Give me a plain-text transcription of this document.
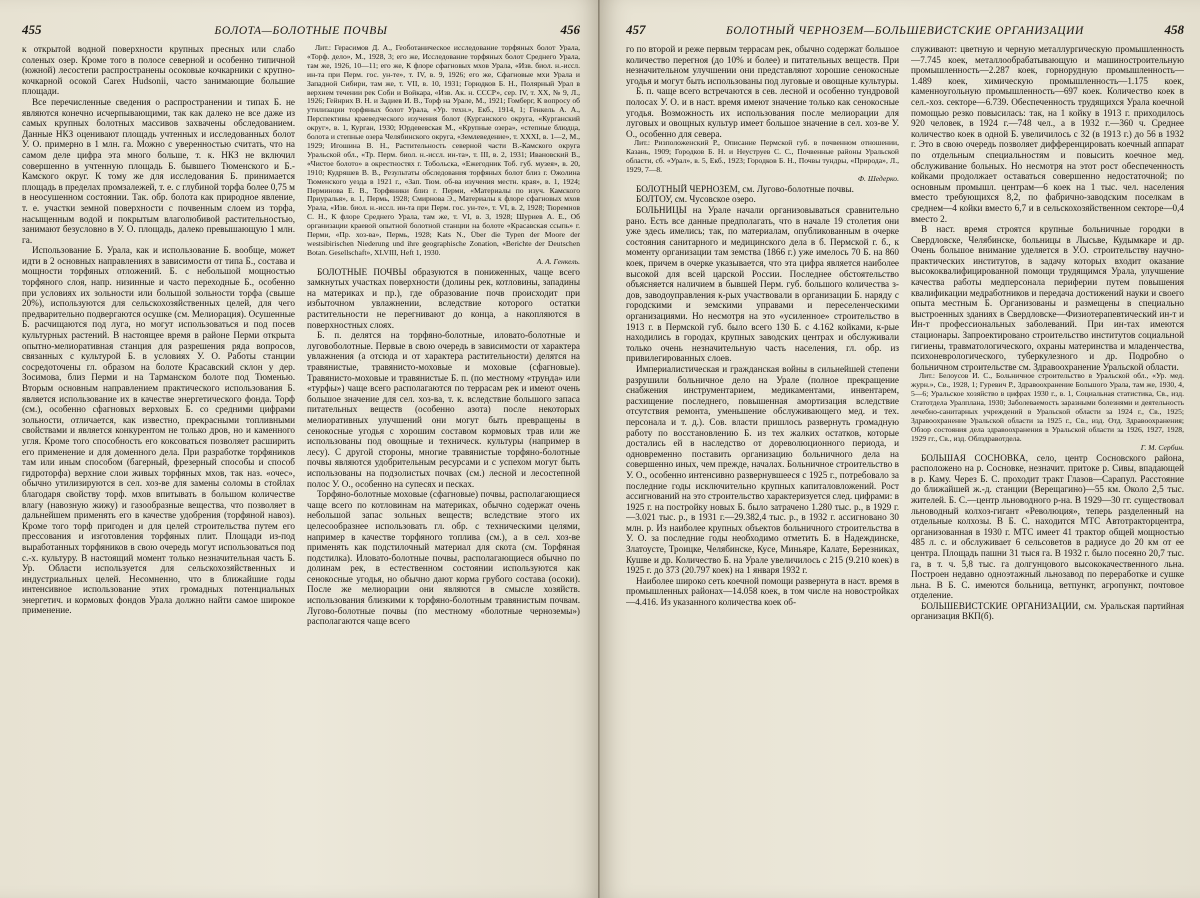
455	БОЛОТА—БОЛОТНЫЕ ПОЧВЫ	456

к открытой водной поверхности крупных пресных или слабо соленых озер. Кроме того в полосе северной и особенно типичной (южной) лесостепи распространены осоковые кочкарники с крупно-кочкарной осокой Carex Hudsonii, часто занимающие большие площади.

Все перечисленные сведения о распространении и типах Б. не являются конечно исчерпывающими, так как далеко не все даже из самых крупных болотных массивов захвачены обследованием. Данные НКЗ оценивают площадь учтенных и исследованных болот У. О. примерно в 1 млн. га. Можно с уверенностью считать, что на самом деле цифра эта много больше, т. к. НКЗ не включил совершенно в учтенную площадь Б. бывшего Тюменского и Б.-Камского округ. К тому же для исследования Б. принимается площадь в пределах промзалежей, т. е. с глубиной торфа более 0,75 м в неосушенном состоянии. Так. обр. болота как природное явление, т. е. участки земной поверхности с почвенным слоем из торфа, насыщенным водой и покрытым влаголюбивой растительностью, занимают безусловно в У. О. площадь, далеко превышающую 1 млн. га.

Использование Б. Урала, как и использование Б. вообще, может идти в 2 основных направлениях в зависимости от типа Б., состава и мощности торфяных отложений. Б. с небольшой мощностью торфяного слоя, напр. низинные и часто переходные Б., особенно при условиях их зольности или большой зольности торфа (свыше 20%), используются для сельскохозяйственных целей, для чего предварительно подвергаются осушке (см. Мелиорация). Осушенные Б. расчищаются под луга, но могут использоваться и под посев культурных растений. В настоящее время в районе Перми открыта опытно-мелиоративная станция для разрешения ряда вопросов, связанных с культурой Б. в условиях У. О. Работы станции сосредоточены гл. образом на болоте Красавский склон у дер. Зосимова, близ Перми и на Тарманском болоте под Тюменью. Вторым основным направлением практического использования Б. является использование их в качестве энергетического фонда. Торф (см.), особенно сфагновых верховых Б. со средними цифрами зольности, отличается, как известно, прекрасными топливными свойствами и является конкурентом не только дров, но и каменного угля. Кроме того способность его коксоваться позволяет расширить его применение и для доменного дела. При разработке торфяников там или иным способом (багерный, фрезерный способы и способ гидроторфа) верхние слои живых торфяных мхов, так наз. «очес», обычно утилизируются в сел. хоз-ве для замены соломы в стойлах благодаря свойству торф. мхов впитывать в большом количестве влагу (навозную жижу) и газообразные вещества, что позволяет в дальнейшем применять его в качестве удобрения (торфяной навоз). Кроме того торф пригоден и для целей строительства путем его прессования и изготовления торфяных плит. Площади из-под выработанных торфяников в свою очередь могут использоваться под с.-х. культуру. В настоящий момент только незначительная часть Б. Ур. Области используется для сельскохозяйственных и индустриальных целей. Несомненно, что в ближайшие годы интенсивное использование этих громадных потенциальных энергетич. и кормовых фондов Урала должно найти самое широкое применение.

Лит.: Герасимов Д. А., Геоботаническое исследование торфяных болот Урала, «Торф. дело», М., 1928, 3; его же, Исследование торфяных болот Среднего Урала, там же, 1926, 10—11; его же, К флоре сфагновых мхов Урала, «Изв. биол. н.-иссл. ин-та при Перм. гос. ун-те», т. IV, в. 9, 1926; его же, Сфагновые мхи Урала и Западной Сибири, там же, т. VII, в. 10, 1931; Горюдков Б. Н., Полярный Урал в верхнем течении рек Соби и Войкара, «Изв. Ак. н. СССР», сер. IV, т. XX, № 9, Л., 1926; Гейнрих В. Н. и Задиев И. В., Торф на Урале, М., 1921; Гомберг, К вопросу об утилизации торфяных болот Урала, «Ур. техн.», Екб., 1914, 1; Генкель А. А., Перспективы краеведческого изучения болот (Курганского округа, «Курганский округ», в. 1, Курган, 1930; Юрдевевская М., «Крупные озера», «степные блюдца, болота и степные озера Челябинского округа, «Землеведение», т. XXXI, в. 1—2, М., 1929; Игошина В. Н., Растительность северной части В.-Камского округа Уральской обл., «Тр. Перм. биол. н.-иссл. ин-та», т. III, в. 2, 1931; Ивановский В., «Чистое болото» в окрестностях г. Тобольска, «Ежегодник Тоб. губ. музея», в. 20, 1910; Кудряшев В. В., Результаты обследования торфяных болот близ г. Ожолина Тюменского уезда в 1921 г., «Зап. Тюм. об-ва изучения местн. края», в. 1, 1924; Перминова Е. В., Торфяники близ г. Перми, «Материалы по изуч. Камского Приуралья», в. 1, Пермь, 1928; Смирнова Э., Материалы к флоре сфагновых мхов Урала, «Изв. биол. н.-иссл. ин-та при Перм. гос. ун-те», т. VI, в. 2, 1928; Тюремнов С. Н., К флоре Среднего Урала, там же, т. VI, в. 3, 1928; Шуриев А. Е., Об организации краевой опытной болотной станции на болоте «Красавская ссыпь» г. Перми, «Пр. хоз-ва», Пермь, 1928; Kats N., Über die Typen der Moore der westsibirischen Niederung und ihre geographische Zonation, «Berichte der Deutschen Botan. Gesellschaft», XLVIII, Heft 1, 1930.

А. А. Генкель.

БОЛОТНЫЕ ПОЧВЫ образуются в пониженных, чаще всего замкнутых участках поверхности (долины рек, котловины, западины на материках и пр.), где образование почв происходит при избыточном увлажнении, вследствие которого остатки растительности не перегнивают до конца, а накопляются в поверхностных слоях.

Б. п. делятся на торфяно-болотные, иловато-болотные и луговоболотные. Первые в свою очередь в зависимости от характера увлажнения (а отсюда и от характера растительности) делятся на травянистые, травянисто-моховые и моховые (сфагновые). Травянисто-моховые и травянистые Б. п. (по местному «трунда» или «турфы») чаще всего располагаются по террасам рек и имеют очень большое значение для сел. хоз-ва, т. к. вследствие большого запаса питательных веществ (особенно азота) после некоторых мелиоративных улучшений они могут быть превращены в сенокосные угодья с хорошим составом кормовых трав или же использованы под овощные и техническ. культуры (например в лесу). С другой стороны, многие травянистые торфяно-болотные почвы являются удобрительным ресурсами и с успехом могут быть использованы на подзолистых почвах (см.) лесной и лесостепной полос У. О., особенно на супесях и песках.

Торфяно-болотные моховые (сфагновые) почвы, располагающиеся чаще всего по котловинам на материках, обычно содержат очень небольшой запас зольных веществ; вследствие этого их целесообразнее использовать гл. обр. с техническими целями, например в качестве торфяного топлива (см.), а в сел. хоз-ве применять как подстилочный материал для скота (см. Торфяная подстилка). Иловато-болотные почвы, располагающиеся обычно по долинам рек, в естественном состоянии используются как сенокосные угодья, но обычно дают корма грубого состава (осоки). После же мелиорации они являются в смысле хозяйств. использования близкими к торфяно-болотным травянистым почвам. Лугово-болотные почвы (по местному «болотные черноземы») располагаются чаще всего

457	БОЛОТНЫЙ ЧЕРНОЗЕМ—БОЛЬШЕВИСТСКИЕ ОРГАНИЗАЦИИ	458

го по второй и реже первым террасам рек, обычно содержат большое количество перегноя (до 10% и более) и питательных веществ. При незначительном улучшении они представляют хорошие сенокосные угодья и могут быть использованы под луговые и овощные культуры.

Б. п. чаще всего встречаются в сев. лесной и особенно тундровой полосах У. О. и в наст. время имеют значение только как сенокосные угодья. Возможность их использования после мелиорации для луговых и овощных культур имеет большое значение в сел. хоз-ве У. О., особенно для севера.

Лит.: Ризположенский Р., Описание Пермской губ. в почвенном отношении, Казань, 1909; Городков Б. Н. и Неуструев С. С., Почвенные районы Уральской области, сб. «Урал», в. 5, Екб., 1923; Городков Б. Н., Почвы тундры, «Природа», Л., 1929, 7—8.

Ф. Шедерко.

БОЛОТНЫЙ ЧЕРНОЗЕМ, см. Лугово-болотные почвы.

БОЛТОУ, см. Чусовское озеро.

БОЛЬНИЦЫ на Урале начали организовываться сравнительно рано. Есть все данные предполагать, что в начале 19 столетия они уже здесь имелись; так, по материалам, опубликованным в очерке состояния санитарного и медицинского дела в б. Пермской г. б., к моменту организации там земства (1866 г.) уже имелось 70 Б. на 860 коек, причем в очерке указывается, что эта цифра является наиболее высокой для всей царской России. Последнее обстоятельство объясняется наличием в бывшей Перм. губ. большого количества з-дов, заводоуправления к-рых участвовали в организации Б. наряду с городскими и земскими управами и переселенческими организациями. Но несмотря на это «усиленное» строительство в 1913 г. в Пермской губ. было всего 130 Б. с 4.162 койками, к-рые находились в городах, крупных заводских центрах и обслуживали только очень незначительную часть населения, гл. обр. из привилегированных слоев.

Империалистическая и гражданская войны в сильнейшей степени разрушили больничное дело на Урале (полное прекращение снабжения инструментарием, медикаментами, инвентарем, расхищение последнего, повышенная амортизация вследствие отсутствия ремонта, уменьшение обслуживающего мед. и тех. персонала и т. д.). Сов. власти пришлось развернуть громадную работу по восстановлению Б. из тех жалких остатков, которые достались ей в наследство от дореволюционного периода, и одновременно поставить организацию больничного дела на совершенно иных, чем прежде, началах. Больничное строительство в У. О., особенно интенсивно развернувшееся с 1925 г., потребовало за последние годы исключительно крупных капиталовложений. Рост ассигнований на это строительство характеризуется след. цифрами: в 1925 г. на постройку новых Б. было затрачено 1.280 тыс. р., в 1929 г.—3.021 тыс. р., в 1931 г.—29.382,4 тыс. р., в 1932 г. ассигновано 30 млн. р. Из наиболее крупных объектов больничного строительства в У. О. за последние годы необходимо отметить Б. в Надеждинске, Златоусте, Троицке, Челябинске, Кусе, Миньяре, Калате, Березниках, Кушве и др. Количество Б. на Урале увеличилось с 215 (9.210 коек) в 1925 г. до 373 (20.797 коек) на 1 января 1932 г.

Наиболее широко сеть коечной помощи развернута в наст. время в промышленных районах—14.058 коек, в том числе на новостройках—4.416. Из указанного количества коек об-

служивают: цветную и черную металлургическую промышленность—7.745 коек, металлообрабатывающую и машиностроительную промышленность—2.287 коек, горнорудную промышленность—1.489 коек, химическую промышленность—1.175 коек, каменноугольную промышленность—697 коек. Количество коек в сел.-хоз. секторе—6.739. Обеспеченность трудящихся Урала коечной помощью резко повысилась: так, на 1 койку в 1913 г. приходилось 920 человек, в 1924 г.—748 чел., а в 1932 г.—360 ч. Среднее количество коек в одной Б. увеличилось с 32 (в 1913 г.) до 56 в 1932 г. Это в свою очередь позволяет дифференцировать коечный аппарат по отдельным специальностям и повысить коечное мед. обслуживание больных. Но несмотря на этот рост обеспеченность койками продолжает оставаться совершенно недостаточной; по основным промышл. центрам—6 коек на 1 тыс. чел. населения вместо требующихся 8,2, по фабрично-заводским поселкам в среднем—4 койки вместо 6,7 и в сельскохозяйственном секторе—0,4 вместо 2.

В наст. время строятся крупные больничные городки в Свердловске, Челябинске, больницы в Лысьве, Кудымкаре и др. Очень большое внимание уделяется в У.О. строительству научно-практических институтов, в задачу которых входит оказание высококвалифицированной помощи трудящимся Урала, улучшение качества работы медперсонала периферии путем повышения квалификации медработников и передача достижений науки и своего опыта местным Б. Организованы и размещены в специально выстроенных зданиях в Свердловске—Физиотерапевтический ин-т и Ин-т профессиональных заболеваний. При ин-тах имеются стационары. Запроектировано строительство институтов социальной гигиены, травматологического, охраны материнства и младенчества, психоневрологического, туберкулезного и др. Подробно о больничном строительстве см. Здравоохранение Уральской области.

Лит.: Белоусов И. С., Больничное строительство в Уральской обл., «Ур. мед. журн.», Св., 1928, 1; Гуревич Р., Здравоохранение Большого Урала, там же, 1930, 4, 5—6; Уральское хозяйство в цифрах 1930 г., в. 1, Социальная статистика, Св., изд. Статотдела Уралплана, 1930; Заболеваемость заразными болезнями и деятельность лечебно-санитарных учреждений в Уральской области за 1924 г., Св., 1925; Здравоохранение Уральской области за 1925 г., Св., изд. Отд. Здравоохранения; Обзор состояния дела здравоохранения в Уральской области за 1926, 1927, 1928, 1929 гг., Св., изд. Облздравотдела.

Г. М. Сербин.

БОЛЬШАЯ СОСНОВКА, село, центр Сосновского района, расположено на р. Сосновке, незначит. притоке р. Сивы, впадающей в р. Каму. Через Б. С. проходит тракт Глазов—Сарапул. Расстояние до ближайшей ж.-д. станции (Верещагино)—55 км. Около 2,5 тыс. жителей. Б. С.—центр льноводного р-на. В 1929—30 гг. существовал льноводный колхоз-гигант «Революция», теперь разделенный на отдельные колхозы. В Б. С. находится МТС Автотракторцентра, организованная в 1930 г. МТС имеет 41 трактор общей мощностью 485 л. с. и обслуживает 6 сельсоветов в радиусе до 20 км от ее центра. Площадь пашни 31 тыся га. В 1932 г. было посеяно 20,7 тыс. га, в т. ч. 5,8 тыс. га долгунцового высококачественного льна. Построен недавно одноэтажный льнозавод по переработке и сушке льна. В Б. С. имеются больница, ветпункт, агропункт, почтовое отделение.

БОЛЬШЕВИСТСКИЕ ОРГАНИЗАЦИИ, см. Уральская партийная организация ВКП(б).
